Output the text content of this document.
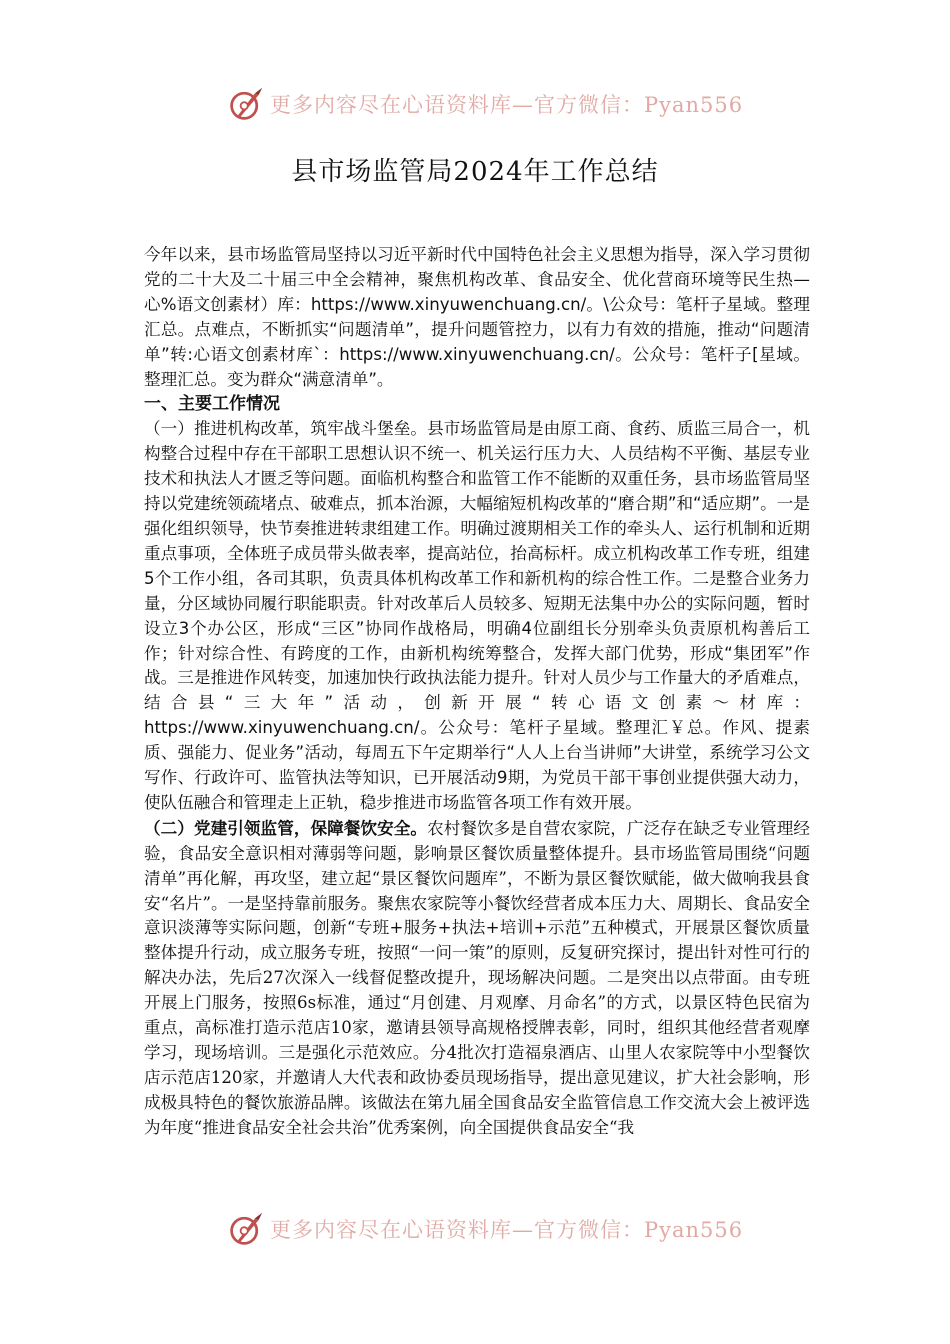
更多内容尽在心语资料库—官方微信：Pyan556
县市场监管局2024年工作总结

今年以来，县市场监管局坚持以习近平新时代中国特色社会主义思想为指导，深入学习贯彻党的二十大及二十届三中全会精神，聚焦机构改革、食品安全、优化营商环境等民生热—心%语文创素材）库：https://www.xinyuwenchuang.cn/。\公众号：笔杆子星域。整理汇总。点难点，不断抓实“问题清单”，提升问题管控力，以有力有效的措施，推动“问题清单”转:心语文创素材库`：https://www.xinyuwenchuang.cn/。公众号：笔杆子[星域。整理汇总。变为群众“满意清单”。

一、主要工作情况

（一）推进机构改革，筑牢战斗堡垒。县市场监管局是由原工商、食药、质监三局合一，机构整合过程中存在干部职工思想认识不统一、机关运行压力大、人员结构不平衡、基层专业技术和执法人才匮乏等问题。面临机构整合和监管工作不能断的双重任务，县市场监管局坚持以党建统领疏堵点、破难点，抓本治源，大幅缩短机构改革的“磨合期”和“适应期”。一是强化组织领导，快节奏推进转隶组建工作。明确过渡期相关工作的牵头人、运行机制和近期重点事项，全体班子成员带头做表率，提高站位，抬高标杆。成立机构改革工作专班，组建5个工作小组，各司其职，负责具体机构改革工作和新机构的综合性工作。二是整合业务力量，分区域协同履行职能职责。针对改革后人员较多、短期无法集中办公的实际问题，暂时设立3个办公区，形成“三区”协同作战格局，明确4位副组长分别牵头负责原机构善后工作；针对综合性、有跨度的工作，由新机构统筹整合，发挥大部门优势，形成“集团军”作战。三是推进作风转变，加速加快行政执法能力提升。针对人员少与工作量大的矛盾难点，结合县“三大年”活动，创新开展“转心语文创素～材库：https://www.xinyuwenchuang.cn/。公众号：笔杆子星域。整理汇￥总。作风、提素质、强能力、促业务”活动，每周五下午定期举行“人人上台当讲师”大讲堂，系统学习公文写作、行政许可、监管执法等知识，已开展活动9期，为党员干部干事创业提供强大动力，使队伍融合和管理走上正轨，稳步推进市场监管各项工作有效开展。

（二）党建引领监管，保障餐饮安全。农村餐饮多是自营农家院，广泛存在缺乏专业管理经验，食品安全意识相对薄弱等问题，影响景区餐饮质量整体提升。县市场监管局围绕“问题清单”再化解，再攻坚，建立起“景区餐饮问题库”，不断为景区餐饮赋能，做大做响我县食安“名片”。一是坚持靠前服务。聚焦农家院等小餐饮经营者成本压力大、周期长、食品安全意识淡薄等实际问题，创新“专班+服务+执法+培训+示范”五种模式，开展景区餐饮质量整体提升行动，成立服务专班，按照“一问一策”的原则，反复研究探讨，提出针对性可行的解决办法，先后27次深入一线督促整改提升，现场解决问题。二是突出以点带面。由专班开展上门服务，按照6s标准，通过“月创建、月观摩、月命名”的方式，以景区特色民宿为重点，高标准打造示范店10家，邀请县领导高规格授牌表彰，同时，组织其他经营者观摩学习，现场培训。三是强化示范效应。分4批次打造福泉酒店、山里人农家院等中小型餐饮店示范店120家，并邀请人大代表和政协委员现场指导，提出意见建议，扩大社会影响，形成极具特色的餐饮旅游品牌。该做法在第九届全国食品安全监管信息工作交流大会上被评选为年度“推进食品安全社会共治”优秀案例，向全国提供食品安全“我

更多内容尽在心语资料库—官方微信：Pyan556
